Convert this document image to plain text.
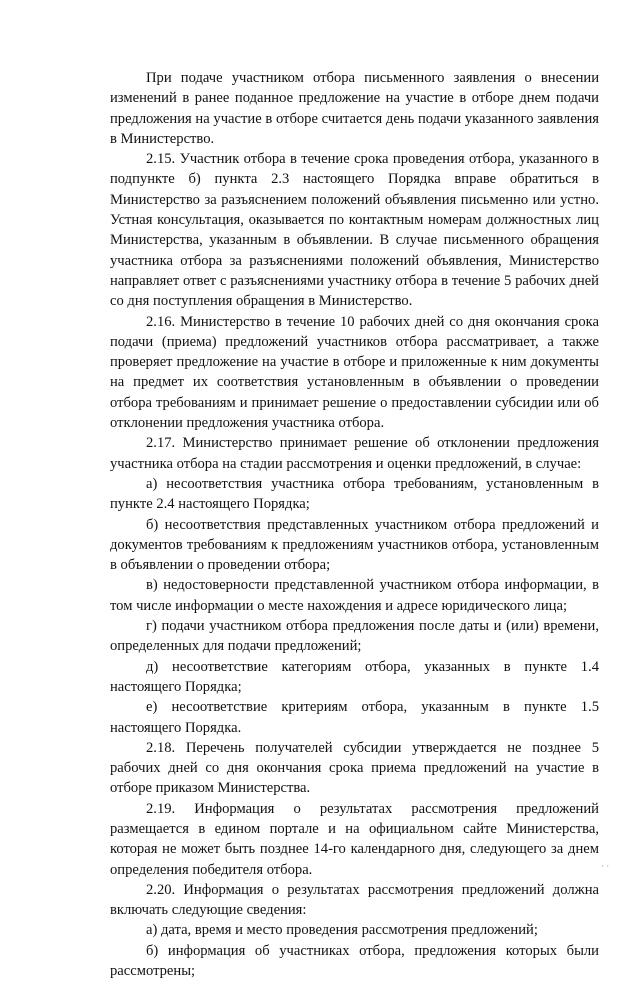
При подаче участником отбора письменного заявления о внесении изменений в ранее поданное предложение на участие в отборе днем подачи предложения на участие в отборе считается день подачи указанного заявления в Министерство.

2.15. Участник отбора в течение срока проведения отбора, указанного в подпункте б) пункта 2.3 настоящего Порядка вправе обратиться в Министерство за разъяснением положений объявления письменно или устно. Устная консультация, оказывается по контактным номерам должностных лиц Министерства, указанным в объявлении. В случае письменного обращения участника отбора за разъяснениями положений объявления, Министерство направляет ответ с разъяснениями участнику отбора в течение 5 рабочих дней со дня поступления обращения в Министерство.

2.16. Министерство в течение 10 рабочих дней со дня окончания срока подачи (приема) предложений участников отбора рассматривает, а также проверяет предложение на участие в отборе и приложенные к ним документы на предмет их соответствия установленным в объявлении о проведении отбора требованиям и принимает решение о предоставлении субсидии или об отклонении предложения участника отбора.

2.17. Министерство принимает решение об отклонении предложения участника отбора на стадии рассмотрения и оценки предложений, в случае:

а) несоответствия участника отбора требованиям, установленным в пункте 2.4 настоящего Порядка;

б) несоответствия представленных участником отбора предложений и документов требованиям к предложениям участников отбора, установленным в объявлении о проведении отбора;

в) недостоверности представленной участником отбора информации, в том числе информации о месте нахождения и адресе юридического лица;

г) подачи участником отбора предложения после даты и (или) времени, определенных для подачи предложений;

д) несоответствие категориям отбора, указанных в пункте 1.4 настоящего Порядка;

е) несоответствие критериям отбора, указанным в пункте 1.5 настоящего Порядка.

2.18. Перечень получателей субсидии утверждается не позднее 5 рабочих дней со дня окончания срока приема предложений на участие в отборе приказом Министерства.

2.19. Информация о результатах рассмотрения предложений размещается в едином портале и на официальном сайте Министерства, которая не может быть позднее 14-го календарного дня, следующего за днем определения победителя отбора.

2.20. Информация о результатах рассмотрения предложений должна включать следующие сведения:

а) дата, время и место проведения рассмотрения предложений;

б) информация об участниках отбора, предложения которых были рассмотрены;

· ·
